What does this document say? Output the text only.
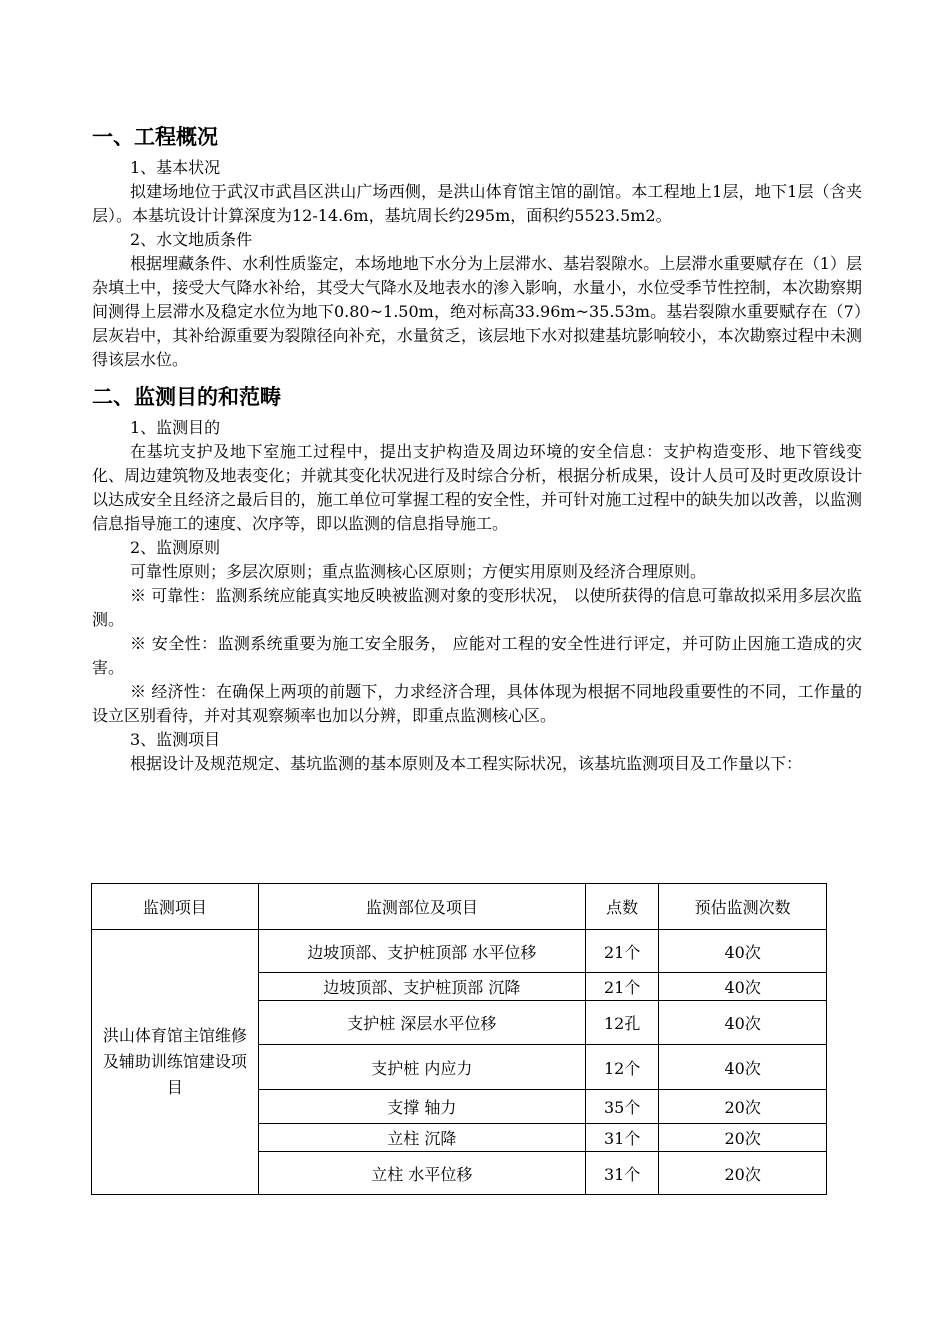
一、工程概况

1、基本状况

拟建场地位于武汉市武昌区洪山广场西侧，是洪山体育馆主馆的副馆。本工程地上1层，地下1层（含夹层）。本基坑设计计算深度为12-14.6m，基坑周长约295m，面积约5523.5m2。

2、水文地质条件

根据埋藏条件、水利性质鉴定，本场地地下水分为上层滞水、基岩裂隙水。上层滞水重要赋存在（1）层杂填土中，接受大气降水补给，其受大气降水及地表水的渗入影响，水量小，水位受季节性控制，本次勘察期间测得上层滞水及稳定水位为地下0.80~1.50m，绝对标高33.96m~35.53m。基岩裂隙水重要赋存在（7）层灰岩中，其补给源重要为裂隙径向补充，水量贫乏，该层地下水对拟建基坑影响较小，本次勘察过程中未测得该层水位。

二、监测目的和范畴

1、监测目的

在基坑支护及地下室施工过程中，提出支护构造及周边环境的安全信息：支护构造变形、地下管线变化、周边建筑物及地表变化；并就其变化状况进行及时综合分析，根据分析成果，设计人员可及时更改原设计以达成安全且经济之最后目的，施工单位可掌握工程的安全性，并可针对施工过程中的缺失加以改善，以监测信息指导施工的速度、次序等，即以监测的信息指导施工。

2、监测原则

可靠性原则；多层次原则；重点监测核心区原则；方便实用原则及经济合理原则。

※ 可靠性：监测系统应能真实地反映被监测对象的变形状况， 以使所获得的信息可靠故拟采用多层次监测。

※ 安全性：监测系统重要为施工安全服务， 应能对工程的安全性进行评定，并可防止因施工造成的灾害。

※ 经济性：在确保上两项的前题下，力求经济合理，具体体现为根据不同地段重要性的不同，工作量的设立区别看待，并对其观察频率也加以分辨，即重点监测核心区。

3、监测项目

根据设计及规范规定、基坑监测的基本原则及本工程实际状况，该基坑监测项目及工作量以下：

监测项目	监测部位及项目	点数	预估监测次数
洪山体育馆主馆维修及辅助训练馆建设项目	边坡顶部、支护桩顶部 水平位移	21个	40次
	边坡顶部、支护桩顶部 沉降	21个	40次
	支护桩 深层水平位移	12孔	40次
	支护桩 内应力	12个	40次
	支撑 轴力	35个	20次
	立柱 沉降	31个	20次
	立柱 水平位移	31个	20次
